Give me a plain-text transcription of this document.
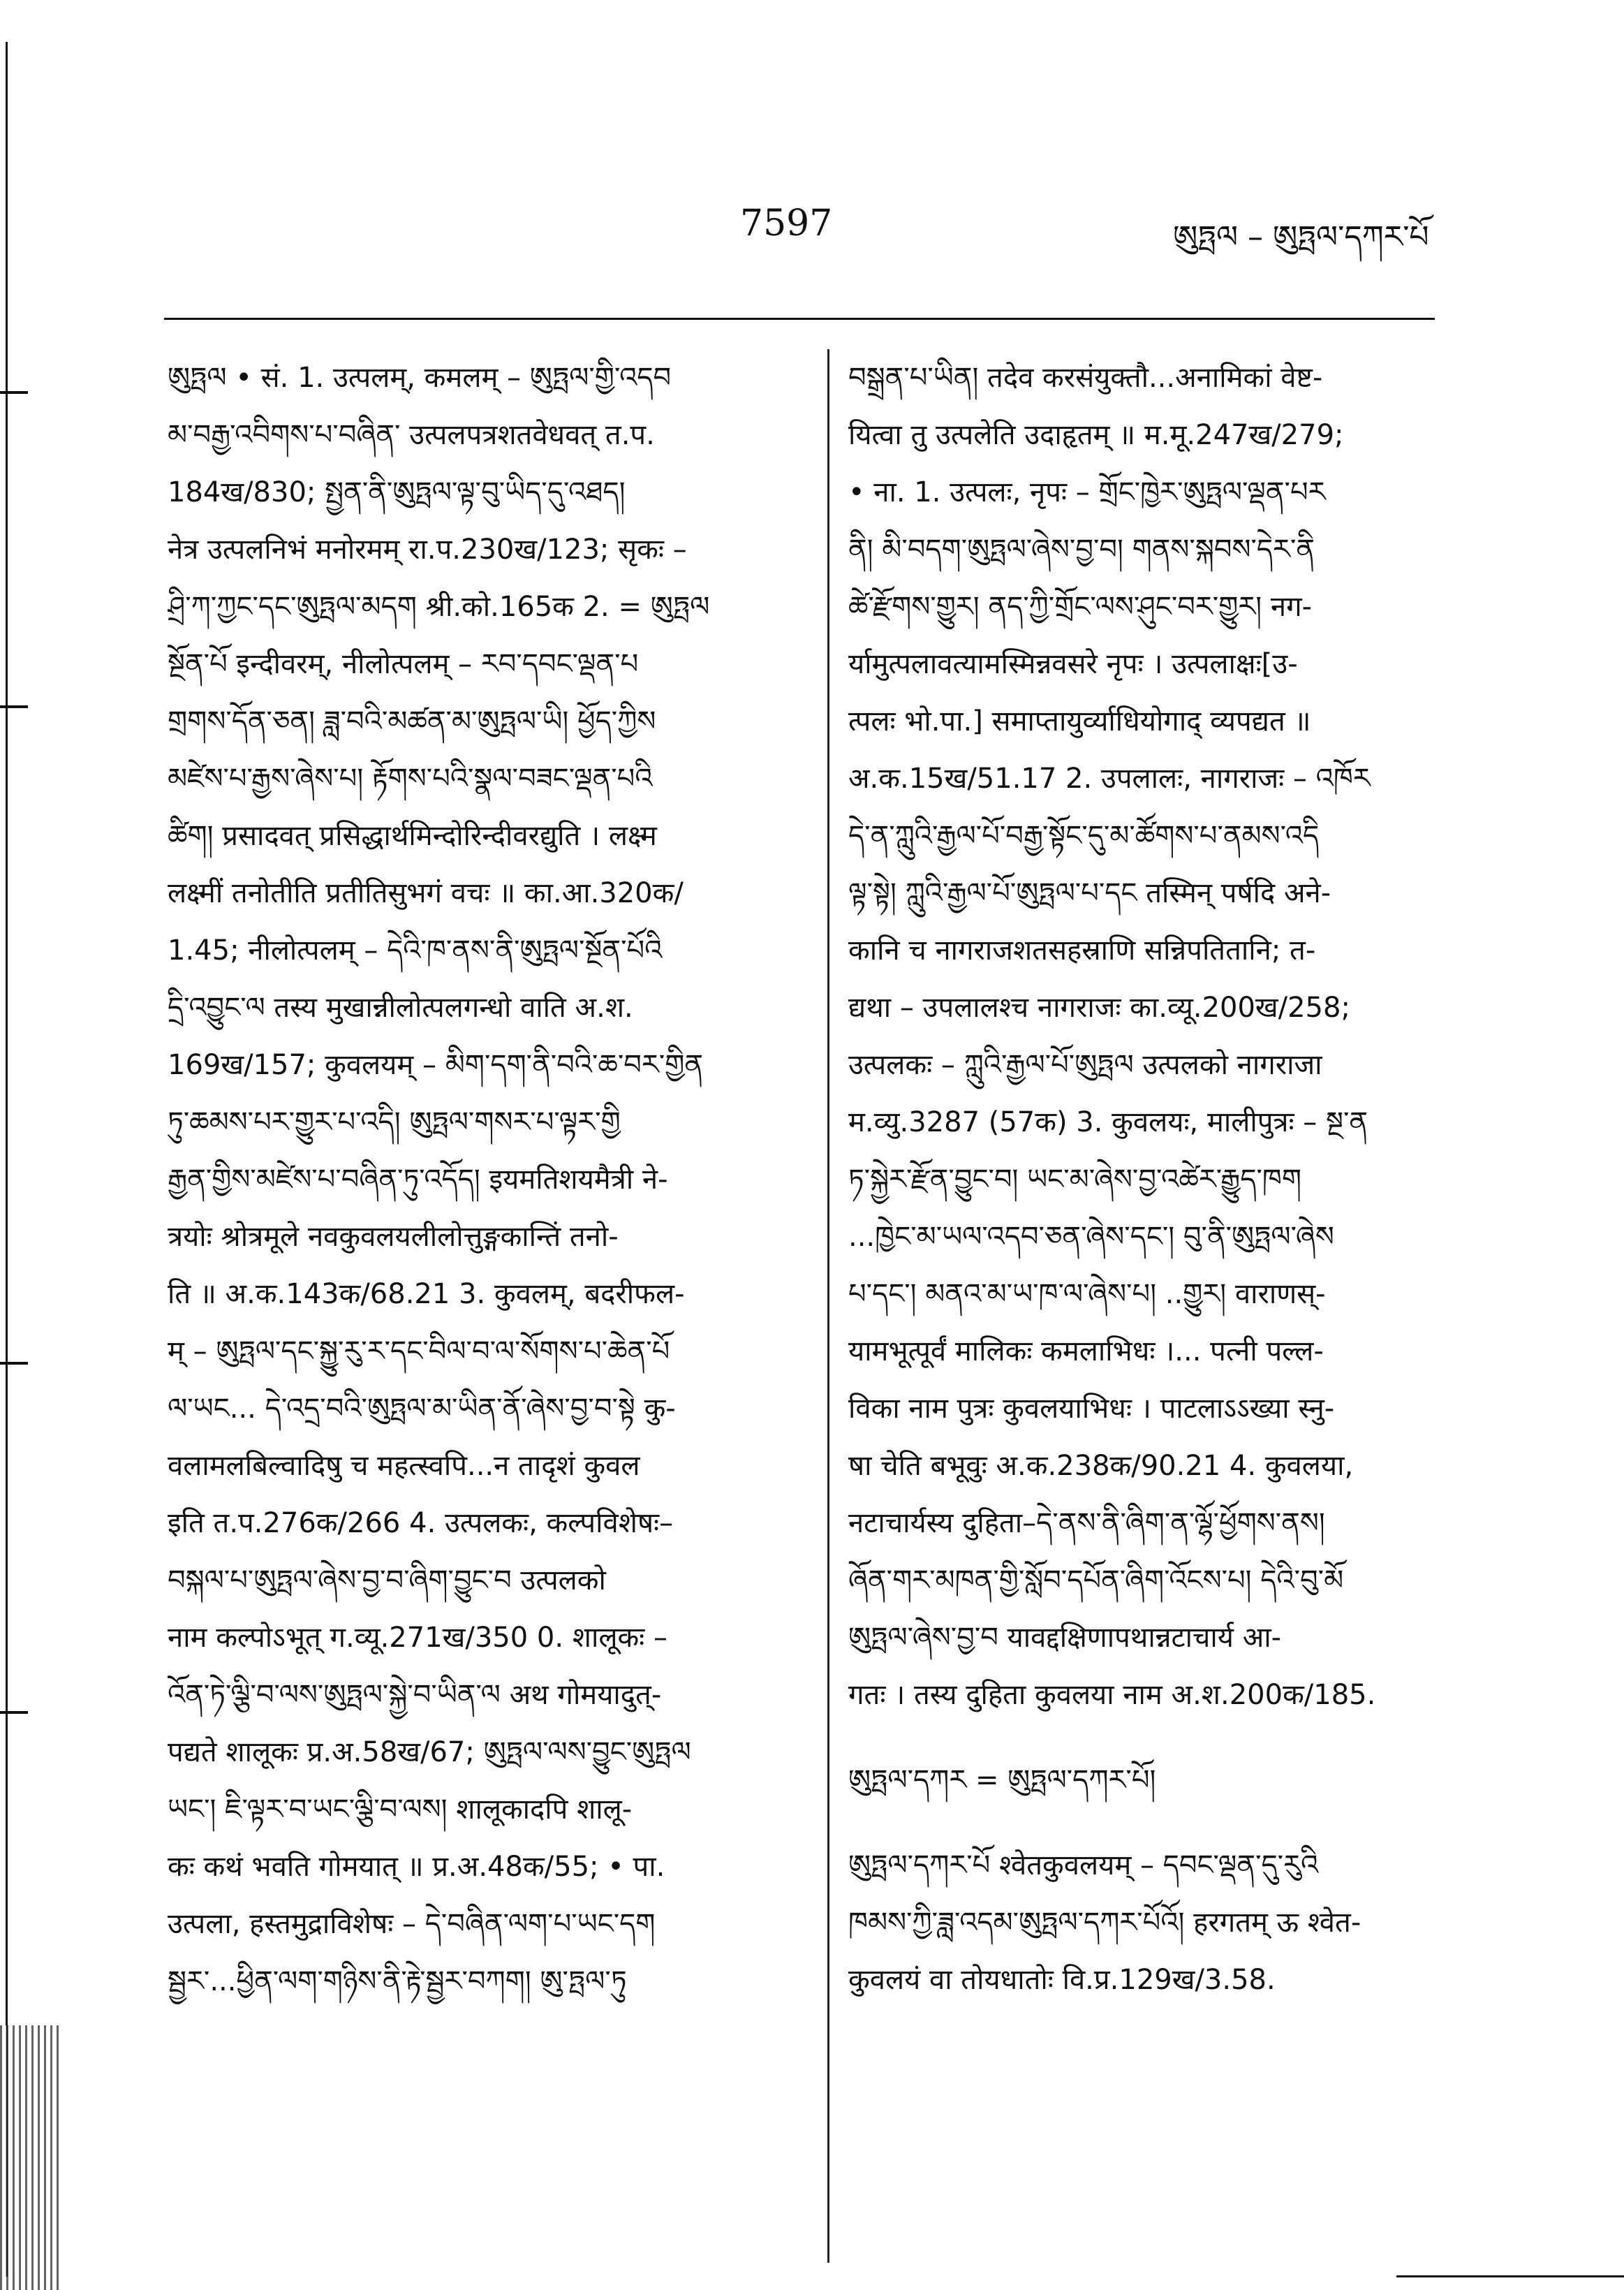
7597	ཨུཏྤལ – ཨུཏྤལ་དཀར་པོ
ཨུཏྤལ • सं. 1. उत्पलम्, कमलम् – ཨུཏྤལ་གྱི་འདབ
མ་བརྒྱ་འབིགས་པ་བཞིན་ उत्पलपत्रशतवेधवत् त.प.
184ख/830; སྤྱན་ནི་ཨུཏྤལ་ལྟ་བུ་ཡིད་དུ་འཐད།
नेत्र उत्पलनिभं मनोरमम् रा.प.230ख/123; सृकः –
ཤྲི་ཀ་ཀྱང་དང་ཨུཏྤལ་མདག श्री.को.165क 2. = ཨུཏྤལ
སྔོན་པོ इन्दीवरम्, नीलोत्पलम् – རབ་དབང་ལྡན་པ
གྲགས་དོན་ཅན། ཟླ་བའི་མཚན་མ་ཨུཏྤལ་ཡི། ཕྱོད་ཀྱིས
མཛེས་པ་རྒྱས་ཞེས་པ། རྟོགས་པའི་སྣལ་བཟང་ལྡན་པའི
ཚིག། प्रसादवत् प्रसिद्धार्थमिन्दोरिन्दीवरद्युति । लक्ष्म
लक्ष्मीं तनोतीति प्रतीतिसुभगं वचः ॥ का.आ.320क/
1.45; नीलोत्पलम् – དེའི་ཁ་ནས་ནི་ཨུཏྤལ་སྔོན་པོའི
དྲི་འབྱུང་ལ तस्य मुखान्नीलोत्पलगन्धो वाति अ.श.
169ख/157; कुवलयम् – མིག་དག་ནི་བའི་ཆ་བར་གྱིན
ཏུ་ཆམས་པར་གྱུར་པ་འདི། ཨུཏྤལ་གསར་པ་ལྟར་གྱི
རྒྱན་གྱིས་མཛེས་པ་བཞིན་ཏུ་འདོད། इयमतिशयमैत्री ने-
त्रयोः श्रोत्रमूले नवकुवलयलीलोत्तुङ्गकान्तिं तनो-
ति ॥ अ.क.143क/68.21 3. कुवलम्, बदरीफल-
म् – ཨུཏྤལ་དང་སྐྱུ་རུ་ར་དང་བིལ་བ་ལ་སོགས་པ་ཆེན་པོ
ལ་ཡང... དེ་འདྲ་བའི་ཨུཏྤལ་མ་ཡིན་ནོ་ཞེས་བྱ་བ་སྟེ कु-
वलामलबिल्वादिषु च महत्स्वपि...न तादृशं कुवल
इति त.प.276क/266 4. उत्पलकः, कल्पविशेषः–
བསྐལ་པ་ཨུཏྤལ་ཞེས་བྱ་བ་ཞིག་བྱུང་བ उत्पलको
नाम कल्पोऽभूत् ग.व्यू.271ख/350 0. शालूकः –
འོན་ཏེ་ལྕི་བ་ལས་ཨུཏྤལ་སྐྱེ་བ་ཡིན་ལ अथ गोमयादुत्-
पद्यते शालूकः प्र.अ.58ख/67; ཨུཏྤལ་ལས་བྱུང་ཨུཏྤལ
ཡང་། ཇི་ལྟར་བ་ཡང་ལྕི་བ་ལས། शालूकादपि शालू-
कः कथं भवति गोमयात् ॥ प्र.अ.48क/55; • पा.
उत्पला, हस्तमुद्राविशेषः – དེ་བཞིན་ལག་པ་ཡང་དག
སྦྱར་...ཕྱིན་ལག་གཉིས་ནི་རྟེ་སྦྱར་བཀག། ཨུ་ཏྤལ་ཏུ
བསྒྲན་པ་ཡིན། तदेव करसंयुक्तौ...अनामिकां वेष्ट-
यित्वा तु उत्पलेति उदाहृतम् ॥ म.मू.247ख/279;
• ना. 1. उत्पलः, नृपः – གྲོང་ཁྱེར་ཨུཏྤལ་ལྡན་པར
ནི། མི་བདག་ཨུཏྤལ་ཞེས་བྱ་བ། གནས་སྐབས་དེར་ནི
ཚེ་རྫོགས་གྱུར། ནད་ཀྱི་གྲོང་ལས་ཤུང་བར་གྱུར། नग-
र्यामुत्पलावत्यामस्मिन्नवसरे नृपः । उत्पलाक्षः[उ-
त्पलः भो.पा.] समाप्तायुर्व्याधियोगाद् व्यपद्यत ॥
अ.क.15ख/51.17 2. उपलालः, नागराजः – འཁོར
དེ་ན་ཀླུའི་རྒྱལ་པོ་བརྒྱ་སྟོང་དུ་མ་ཚོགས་པ་ནམས་འདི
ལྟ་སྟེ། ཀླུའི་རྒྱལ་པོ་ཨུཏྤལ་པ་དང तस्मिन् पर्षदि अने-
कानि च नागराजशतसहस्राणि सन्निपतितानि; त-
द्यथा – उपलालश्च नागराजः का.व्यू.200ख/258;
उत्पलकः – ཀླུའི་རྒྱལ་པོ་ཨུཏྤལ उत्पलको नागराजा
म.व्यु.3287 (57क) 3. कुवलयः, मालीपुत्रः – སྔ་ན
ཏ་སྐྱེར་རྫོན་བྱུང་བ། ཡང་མ་ཞེས་བྱ་འཚེར་རྒྱུད་ཁག
...ཁྱེང་མ་ཡལ་འདབ་ཅན་ཞེས་དང་། བུ་ནི་ཨུཏྤལ་ཞེས
པ་དང་། མནའ་མ་ཡ་ཁ་ལ་ཞེས་པ། ..གྱུར། वाराणस्-
यामभूत्पूर्वं मालिकः कमलाभिधः ।... पत्नी पल्ल-
विका नाम पुत्रः कुवलयाभिधः । पाटलाऽऽख्या स्नु-
षा चेति बभूवुः अ.क.238क/90.21 4. कुवलया,
नटाचार्यस्य दुहिता–དེ་ནས་ནི་ཞིག་ན་ལྷོ་ཕྱོགས་ནས།
ཞོན་གར་མཁན་གྱི་སློབ་དཔོན་ཞིག་འོངས་པ། དེའི་བུ་མོ
ཨུཏྤལ་ཞེས་བྱ་བ यावद्दक्षिणापथान्नटाचार्य आ-
गतः । तस्य दुहिता कुवलया नाम अ.श.200क/185.
ཨུཏྤལ་དཀར = ཨུཏྤལ་དཀར་པོ།
ཨུཏྤལ་དཀར་པོ श्वेतकुवलयम् – དབང་ལྡན་དུ་རུའི
ཁམས་ཀྱི་ཟླ་འདམ་ཨུཏྤལ་དཀར་པོའོ། हरगतम् ऊ श्वेत-
कुवलयं वा तोयधातोः वि.प्र.129ख/3.58.
